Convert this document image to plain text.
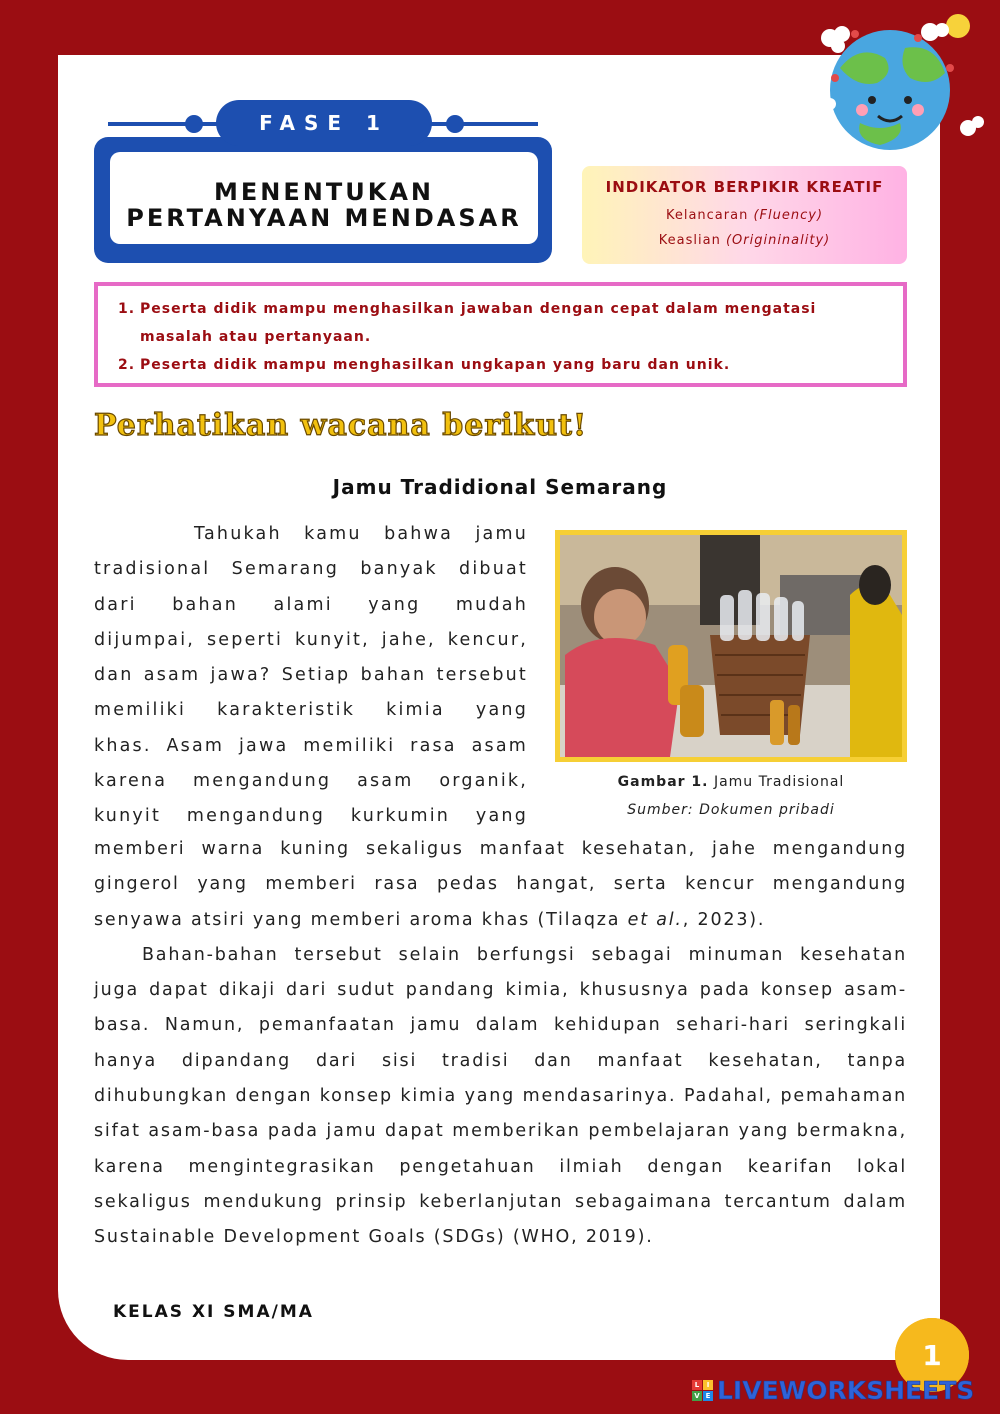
MENENTUKAN
PERTANYAAN MENDASAR
FASE 1
INDIKATOR BERPIKIR KREATIF
Kelancaran (Fluency)
Keaslian (Origininality)
1. Peserta didik mampu menghasilkan jawaban dengan cepat dalam mengatasi masalah atau pertanyaan.
2. Peserta didik mampu menghasilkan ungkapan yang baru dan unik.
Perhatikan wacana berikut!
Jamu Tradidional Semarang

Tahukah kamu bahwa jamu

tradisional Semarang banyak dibuat

dari bahan alami yang mudah

dijumpai, seperti kunyit, jahe, kencur,

dan asam jawa? Setiap bahan tersebut

memiliki karakteristik kimia yang

khas. Asam jawa memiliki rasa asam

karena mengandung asam organik,

kunyit mengandung kurkumin yang

Gambar 1. Jamu Tradisional
Sumber: Dokumen pribadi

memberi warna kuning sekaligus manfaat kesehatan, jahe mengandung gingerol yang memberi rasa pedas hangat, serta kencur mengandung senyawa atsiri yang memberi aroma khas (Tilaqza et al., 2023).

Bahan-bahan tersebut selain berfungsi sebagai minuman kesehatan juga dapat dikaji dari sudut pandang kimia, khususnya pada konsep asam-basa. Namun, pemanfaatan jamu dalam kehidupan sehari-hari seringkali hanya dipandang dari sisi tradisi dan manfaat kesehatan, tanpa dihubungkan dengan konsep kimia yang mendasarinya. Padahal, pemahaman sifat asam-basa pada jamu dapat memberikan pembelajaran yang bermakna, karena mengintegrasikan pengetahuan ilmiah dengan kearifan lokal sekaligus mendukung prinsip keberlanjutan sebagaimana tercantum dalam Sustainable Development Goals (SDGs) (WHO, 2019).

KELAS XI SMA/MA
1
L	I
V E LIVEWORKSHEETS
